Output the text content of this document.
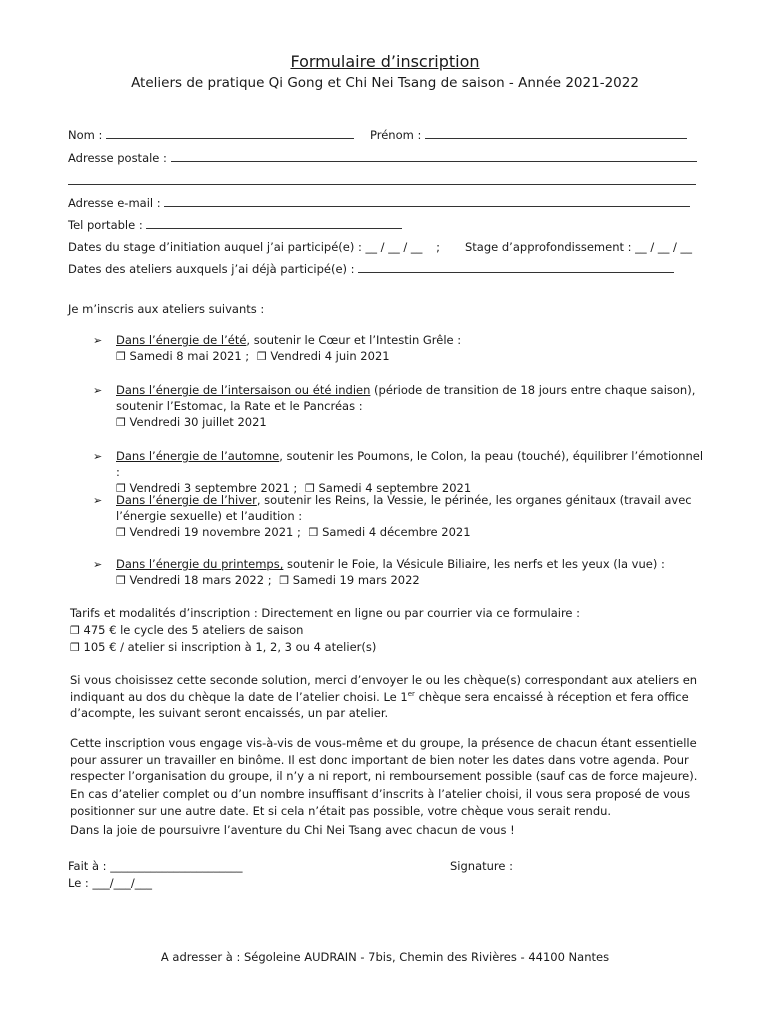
Formulaire d’inscription
Ateliers de pratique Qi Gong et Chi Nei Tsang de saison - Année 2021-2022
Nom :	Prénom :
Adresse postale :
Adresse e-mail :
Tel portable :
Dates du stage d’initiation auquel j’ai participé(e) : __ / __ / __ ; Stage d’approfondissement : __ / __ / __
Dates des ateliers auxquels j’ai déjà participé(e) :
Je m’inscris aux ateliers suivants :
➢ Dans l’énergie de l’été, soutenir le Cœur et l’Intestin Grêle :
❒ Samedi 8 mai 2021 ; ❒ Vendredi 4 juin 2021
➢ Dans l’énergie de l’intersaison ou été indien (période de transition de 18 jours entre chaque saison),
soutenir l’Estomac, la Rate et le Pancréas :
❒ Vendredi 30 juillet 2021
➢ Dans l’énergie de l’automne, soutenir les Poumons, le Colon, la peau (touché), équilibrer l’émotionnel :
❒ Vendredi 3 septembre 2021 ; ❒ Samedi 4 septembre 2021
➢ Dans l’énergie de l’hiver, soutenir les Reins, la Vessie, le périnée, les organes génitaux (travail avec
l’énergie sexuelle) et l’audition :
❒ Vendredi 19 novembre 2021 ; ❒ Samedi 4 décembre 2021
➢ Dans l’énergie du printemps, soutenir le Foie, la Vésicule Biliaire, les nerfs et les yeux (la vue) :
❒ Vendredi 18 mars 2022 ; ❒ Samedi 19 mars 2022
Tarifs et modalités d’inscription : Directement en ligne ou par courrier via ce formulaire :
❒ 475 € le cycle des 5 ateliers de saison
❒ 105 € / atelier si inscription à 1, 2, 3 ou 4 atelier(s)
Si vous choisissez cette seconde solution, merci d’envoyer le ou les chèque(s) correspondant aux ateliers en
indiquant au dos du chèque la date de l’atelier choisi. Le 1er chèque sera encaissé à réception et fera office
d’acompte, les suivant seront encaissés, un par atelier.
Cette inscription vous engage vis-à-vis de vous-même et du groupe, la présence de chacun étant essentielle
pour assurer un travailler en binôme. Il est donc important de bien noter les dates dans votre agenda. Pour
respecter l’organisation du groupe, il n’y a ni report, ni remboursement possible (sauf cas de force majeure).
En cas d’atelier complet ou d’un nombre insuffisant d’inscrits à l’atelier choisi, il vous sera proposé de vous
positionner sur une autre date. Et si cela n’était pas possible, votre chèque vous serait rendu.
Dans la joie de poursuivre l’aventure du Chi Nei Tsang avec chacun de vous !
Fait à : _______________________
Le : ___/___/___
Signature :
A adresser à : Ségoleine AUDRAIN - 7bis, Chemin des Rivières - 44100 Nantes
